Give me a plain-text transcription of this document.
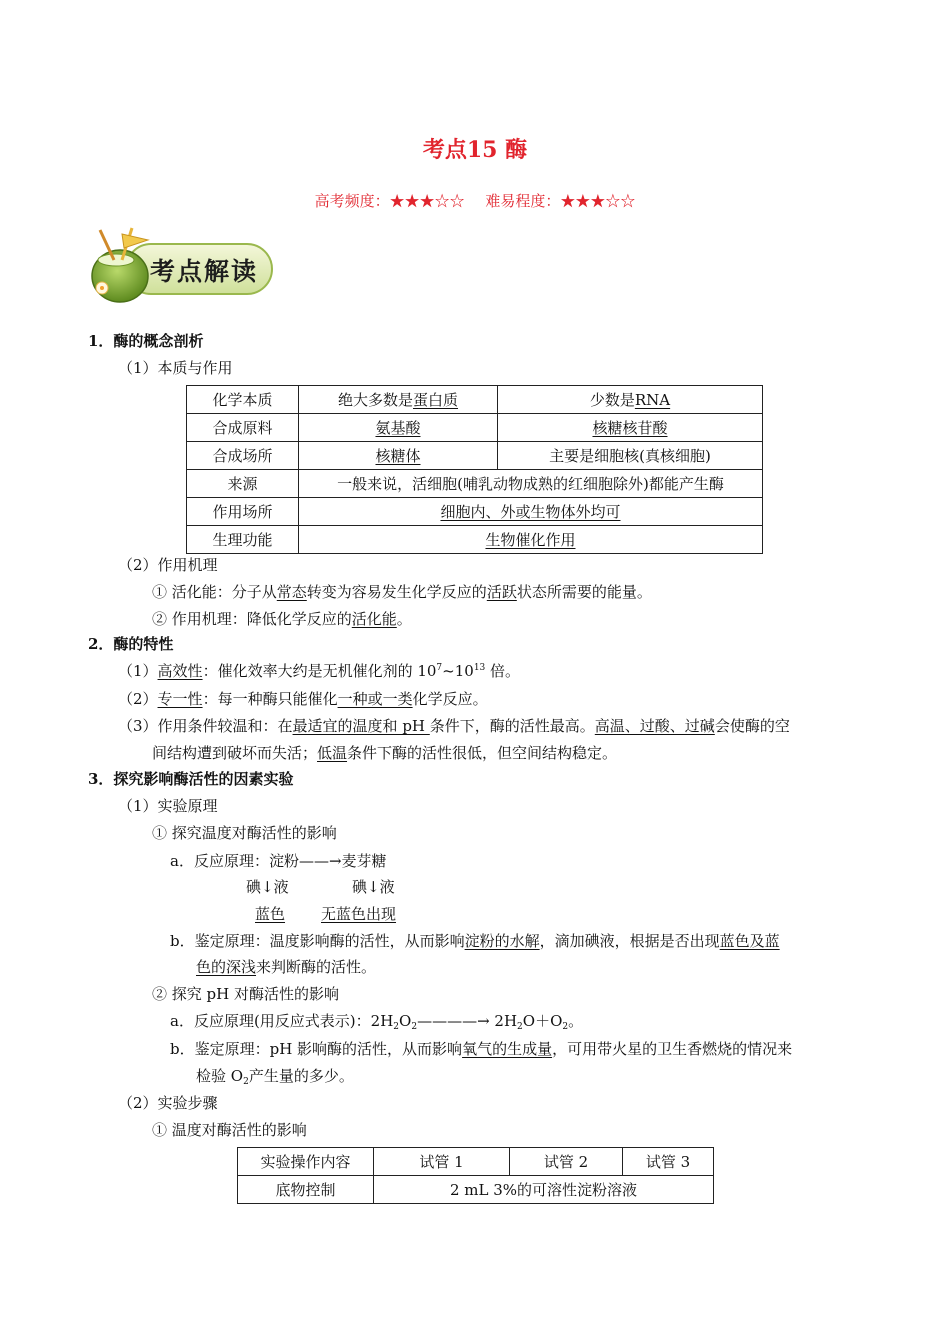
考点15 酶
高考频度：★★★☆☆ 难易程度：★★★☆☆
考点解读
1．酶的概念剖析
（1）本质与作用
化学本质	绝大多数是蛋白质	少数是RNA
合成原料	氨基酸	核糖核苷酸
合成场所	核糖体	主要是细胞核(真核细胞)
来源	一般来说，活细胞(哺乳动物成熟的红细胞除外)都能产生酶	
作用场所	细胞内、外或生物体外均可	
生理功能	生物催化作用	
（2）作用机理
① 活化能：分子从常态转变为容易发生化学反应的活跃状态所需要的能量。
② 作用机理：降低化学反应的活化能。
2．酶的特性
（1）高效性：催化效率大约是无机催化剂的 $10^7\sim 10^{13}$ 倍。
（2）专一性：每一种酶只能催化一种或一类化学反应。
（3）作用条件较温和：在最适宜的温度和 pH 条件下，酶的活性最高。高温、过酸、过碱会使酶的空
间结构遭到破坏而失活；低温条件下酶的活性很低，但空间结构稳定。
3．探究影响酶活性的因素实验
（1）实验原理
① 探究温度对酶活性的影响
a．反应原理：淀粉——→麦芽糖
碘↓液	碘↓液
蓝色 无蓝色出现
b．鉴定原理：温度影响酶的活性，从而影响淀粉的水解，滴加碘液，根据是否出现蓝色及蓝
色的深浅来判断酶的活性。
② 探究 pH 对酶活性的影响
a．反应原理(用反应式表示)：$2H_2O_2————\to 2H_2O+O_2$。
b．鉴定原理：pH 影响酶的活性，从而影响氧气的生成量，可用带火星的卫生香燃烧的情况来
检验 $O_2$产生量的多少。
（2）实验步骤
① 温度对酶活性的影响
实验操作内容	试管 1	试管 2	试管 3
底物控制	2 mL 3%的可溶性淀粉溶液		
